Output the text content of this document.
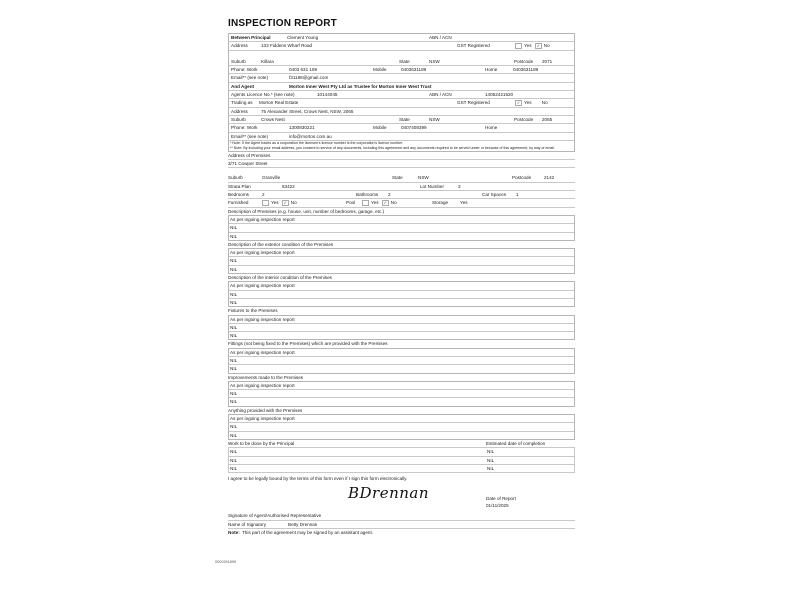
INSPECTION REPORT
Between Principal	Clement Young	ABN / ACN
Address	133 Fiddens Wharf Road	GST Registered	Yes ✓ No
Suburb	Killara	State	NSW	Postcode 2071
Phone: Work	0403 631 189	Mobile	0403631189	Home	0403631189
Email** (see note)	f31188@gmail.com
And Agent	Morton Inner West Pty Ltd as Trustee for Morton Inner West Trust
Agents Licence No.* (see note)	10144045	ABN / ACN	14052421520
Trading as Morton Real Estate	GST Registered	✓ Yes No
Address	75 Alexander Street, Crows Nest, NSW, 2065
Suburb	Crows Nest	State	NSW	Postcode 2065
Phone: Work	1300830221	Mobile	0407408399	Home
Email** (see note)	info@morton.com.au
* Note: If the Agent trades as a corporation the licensee's licence number is the corporation's licence number.
** Note: By including your email address, you consent to service of any documents, including this agreement and any documents required to be served under or because of this agreement, by way of email.
Address of Premises
3/71 Cowper Street
Suburb	Granville	State	NSW	Postcode	2142
Strata Plan	83422	Lot Number	3
Bedrooms	2	Bathrooms 2	Car Spaces 1
Furnished	Yes ✓ No	Pool	Yes ✓ No	Storage	Yes
Description of Premises (e.g. house, unit, number of bedrooms, garage, etc.)
As per ingoing inspection report
NIL
NIL
Description of the exterior condition of the Premises
As per ingoing inspection report
NIL
NIL
Description of the interior condition of the Premises
As per ingoing inspection report
NIL
NIL
Fixtures to the Premises
As per ingoing inspection report
NIL
NIL
Fittings (not being fixed to the Premises) which are provided with the Premises
As per ingoing inspection report
NIL
NIL
Improvements made to the Premises
As per ingoing inspection report
NIL
NIL
Anything provided with the Premises
As per ingoing inspection report
NIL
NIL
Work to be done by the Principal	Estimated date of completion
NIL	NIL
NIL	NIL
NIL	NIL
I agree to be legally bound by the terms of this form even if I sign this form electronically.
BDrennan	Date of Report
01/11/2025
Signature of Agent/Authorised Representative
Name of Signatory	Betty Drennan
Note: This part of the agreement may be signed by an assistant agent.
0000291899
